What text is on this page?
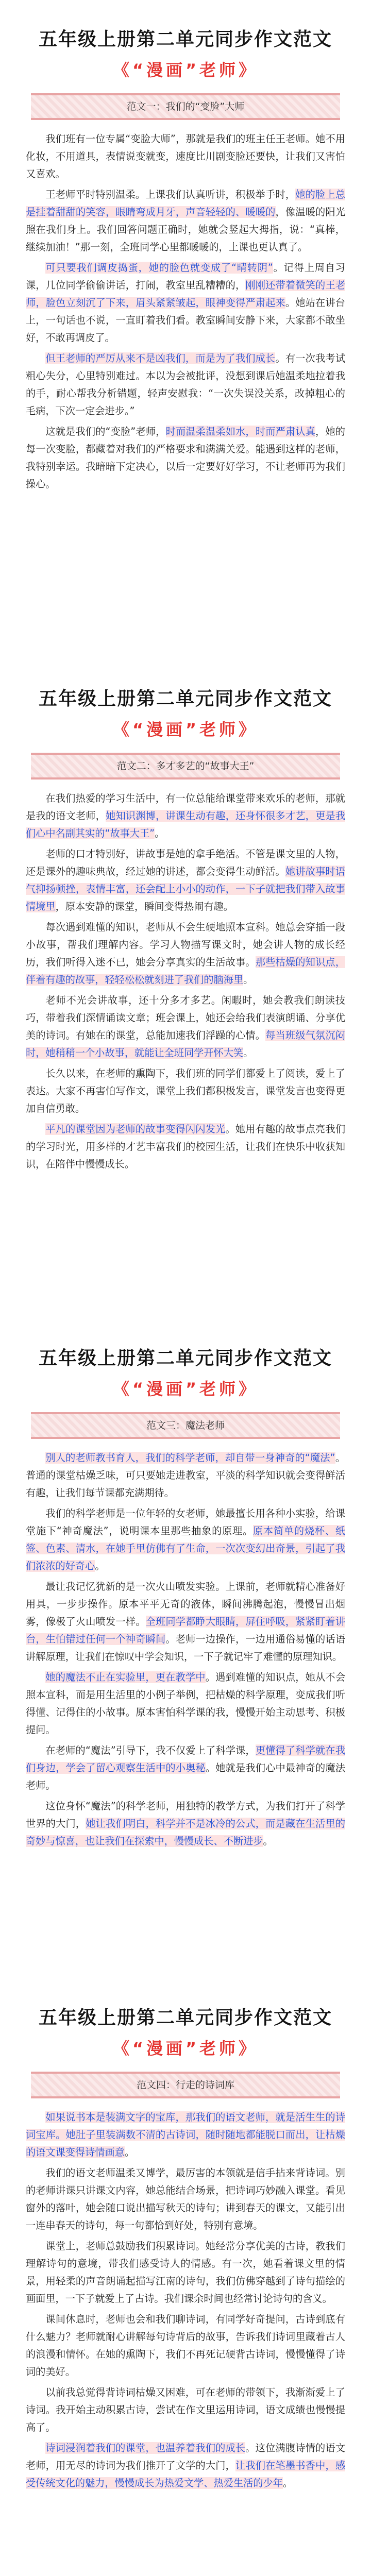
五年级上册第二单元同步作文范文
《“漫画”老师》
范文一：我们的“变脸”大师

我们班有一位专属“变脸大师”，那就是我们的班主任王老师。她不用化妆，不用道具，表情说变就变，速度比川剧变脸还要快，让我们又害怕又喜欢。

王老师平时特别温柔。上课我们认真听讲，积极举手时，她的脸上总是挂着甜甜的笑容，眼睛弯成月牙，声音轻轻的、暖暖的，像温暖的阳光照在我们身上。我们回答问题正确时，她就会竖起大拇指，说：“真棒，继续加油！”那一刻，全班同学心里都暖暖的，上课也更认真了。

可只要我们调皮捣蛋，她的脸色就变成了“晴转阴”。记得上周自习课，几位同学偷偷讲话，打闹，教室里乱糟糟的，刚刚还带着微笑的王老师，脸色立刻沉了下来，眉头紧紧皱起，眼神变得严肃起来。她站在讲台上，一句话也不说，一直盯着我们看。教室瞬间安静下来，大家都不敢坐好，不敢再调皮了。

但王老师的严厉从来不是凶我们，而是为了我们成长。有一次我考试粗心失分，心里特别难过。本以为会被批评，没想到课后她温柔地拉着我的手，耐心帮我分析错题，轻声安慰我：“一次失误没关系，改掉粗心的毛病，下次一定会进步。”

这就是我们的“变脸”老师，时而温柔温柔如水，时而严肃认真，她的每一次变脸，都藏着对我们的严格要求和满满关爱。能遇到这样的老师，我特别幸运。我暗暗下定决心，以后一定要好好学习，不让老师再为我们操心。

五年级上册第二单元同步作文范文
《“漫画”老师》
范文二：多才多艺的“故事大王”

在我们热爱的学习生活中，有一位总能给课堂带来欢乐的老师，那就是我的语文老师，她知识渊博，讲课生动有趣，还身怀很多才艺，更是我们心中名副其实的“故事大王”。

老师的口才特别好，讲故事是她的拿手绝活。不管是课文里的人物，还是课外的趣味典故，经过她的讲述，都会变得生动鲜活。她讲故事时语气抑扬顿挫，表情丰富，还会配上小小的动作，一下子就把我们带入故事情境里，原本安静的课堂，瞬间变得热闹有趣。

每次遇到难懂的知识，老师从不会生硬地照本宣科。她总会穿插一段小故事，帮我们理解内容。学习人物描写课文时，她会讲人物的成长经历，我们听得入迷不已，她会分享真实的生活故事。那些枯燥的知识点，伴着有趣的故事，轻轻松松就刻进了我们的脑海里。

老师不光会讲故事，还十分多才多艺。闲暇时，她会教我们朗读技巧，带着我们深情诵读文章；班会课上，她还会给我们表演朗诵、分享优美的诗词。有她在的课堂，总能加速我们浮躁的心情。每当班级气氛沉闷时，她稍稍一个小故事，就能让全班同学开怀大笑。

长久以来，在老师的熏陶下，我们班的同学们都爱上了阅读，爱上了表达。大家不再害怕写作文，课堂上我们都积极发言，课堂发言也变得更加自信勇敢。

平凡的课堂因为老师的故事变得闪闪发光。她用有趣的故事点亮我们的学习时光，用多样的才艺丰富我们的校园生活，让我们在快乐中收获知识，在陪伴中慢慢成长。

五年级上册第二单元同步作文范文
《“漫画”老师》
范文三：魔法老师

别人的老师教书育人，我们的科学老师，却自带一身神奇的“魔法”。普通的课堂枯燥乏味，可只要她走进教室，平淡的科学知识就会变得鲜活有趣，让我们每节课都充满期待。

我们的科学老师是一位年轻的女老师，她最擅长用各种小实验，给课堂施下“神奇魔法”，说明课本里那些抽象的原理。原本简单的烧杯、纸签、色素、清水，在她手里仿佛有了生命，一次次变幻出奇景，引起了我们浓浓的好奇心。

最让我记忆犹新的是一次火山喷发实验。上课前，老师就精心准备好用具，一步步操作。原本平平无奇的液体，瞬间沸腾起泡，慢慢冒出烟雾，像极了火山喷发一样。全班同学都睁大眼睛，屏住呼吸，紧紧盯着讲台，生怕错过任何一个神奇瞬间。老师一边操作，一边用通俗易懂的话语讲解原理，让我们在惊叹中学会知识，一下子就记牢了难懂的原理知识。

她的魔法不止在实验里，更在教学中。遇到难懂的知识点，她从不会照本宣科，而是用生活里的小例子举例，把枯燥的科学原理，变成我们听得懂、记得住的小故事。原本害怕科学课的我，慢慢开始主动思考、积极提问。

在老师的“魔法”引导下，我不仅爱上了科学课，更懂得了科学就在我们身边，学会了留心观察生活中的小奥秘。她就是我们心中最神奇的魔法老师。

这位身怀“魔法”的科学老师，用独特的教学方式，为我们打开了科学世界的大门，她让我们明白，科学并不是冰冷的公式，而是藏在生活里的奇妙与惊喜，也让我们在探索中，慢慢成长、不断进步。

五年级上册第二单元同步作文范文
《“漫画”老师》
范文四：行走的诗词库

如果说书本是装满文字的宝库，那我们的语文老师，就是活生生的诗词宝库。她肚子里装满数不清的古诗词，随时随地都能脱口而出，让枯燥的语文课变得诗情画意。

我们的语文老师温柔又博学，最厉害的本领就是信手拈来背诗词。别的老师讲课只讲课文内容，她总能结合场景，把诗词巧妙融入课堂。看见窗外的落叶，她会随口说出描写秋天的诗句；讲到春天的课文，又能引出一连串春天的诗句，每一句都恰到好处，特别有意境。

课堂上，老师总鼓励我们积累诗词。她经常分享优美的古诗，教我们理解诗句的意境，带我们感受诗人的情感。有一次，她看着课文里的情景，用轻柔的声音朗诵起描写江南的诗句，我们仿佛穿越到了诗句描绘的画面里，一下子就爱上了古诗。我们课余时间也经常讨论诗句的含义。

课间休息时，老师也会和我们聊诗词，有同学好奇提问，古诗到底有什么魅力？老师就耐心讲解每句诗背后的故事，告诉我们诗词里藏着古人的浪漫和情怀。在她的熏陶下，我们不再死记硬背古诗词，慢慢懂得了诗词的美好。

以前我总觉得背诗词枯燥又困难，可在老师的带领下，我渐渐爱上了诗词。我开始主动积累古诗，尝试在作文里运用诗词，语文成绩也慢慢提高了。

诗词浸润着我们的课堂，也温养着我们的成长。这位满腹诗情的语文老师，用无尽的诗词为我们推开了文学的大门，让我们在笔墨书香中，感受传统文化的魅力，慢慢成长为热爱文学、热爱生活的少年。
